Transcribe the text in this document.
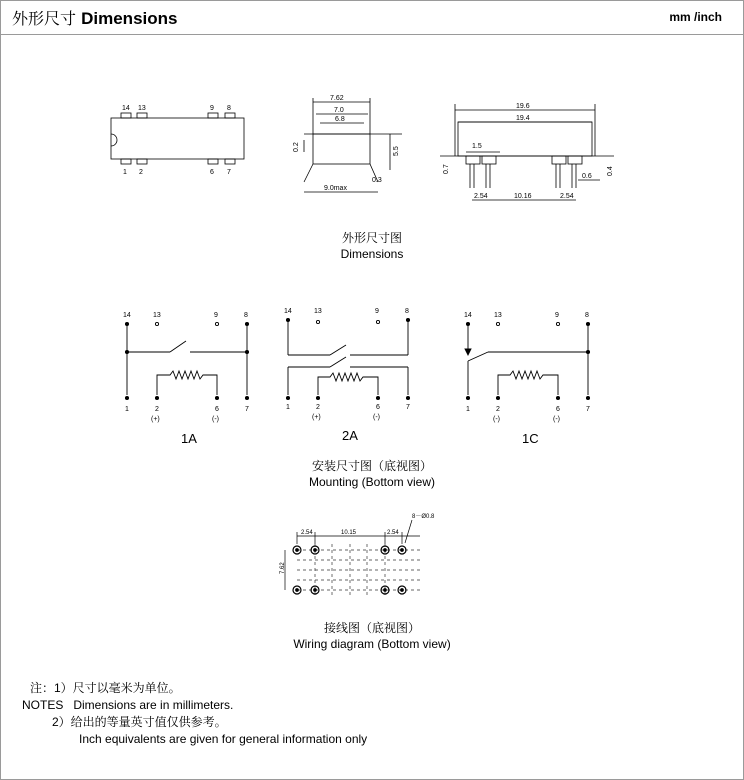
外形尺寸 Dimensions	mm /inch
14 13	9 8
1 2	6 7
7.62
7.0
6.8
0.2	5.5
0.3
9.0max
19.6
19.4
1.5
0.7
0.6
0.4
2.54	10.16	2.54
外形尺寸图
Dimensions
14	13	9	8
1	2	6	7
(+)	(-)
14	13	9	8
1	2	6	7
(+)	(-)
14	13	9	8
1	2	6	7
(-)	(-)
1A	2A	1C
安装尺寸图（底视图）
Mounting (Bottom view)
2.54	10.15	2.54
8－Ø0.8
7.62
接线图（底视图）
Wiring diagram (Bottom view)
注：1）尺寸以毫米为单位。
NOTES   Dimensions are in millimeters.
2）给出的等量英寸值仅供参考。
Inch equivalents are given for general information only
